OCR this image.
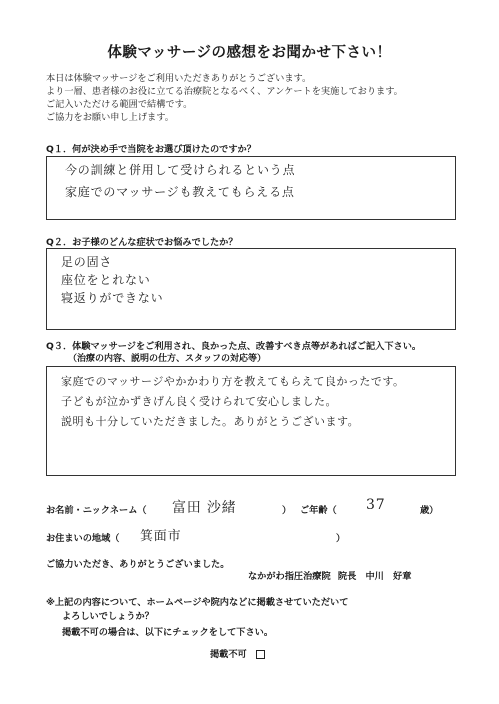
体験マッサージの感想をお聞かせ下さい！
本日は体験マッサージをご利用いただきありがとうございます。
より一層、患者様のお役に立てる治療院となるべく、アンケートを実施しております。
ご記入いただける範囲で結構です。
ご協力をお願い申し上げます。
Q１．何が決め手で当院をお選び頂けたのですか？
今の訓練と併用して受けられるという点
家庭でのマッサージも教えてもらえる点
Q２．お子様のどんな症状でお悩みでしたか？
足の固さ
座位をとれない
寝返りができない
Q３．体験マッサージをご利用され、良かった点、改善すべき点等があればご記入下さい。
（治療の内容、説明の仕方、スタッフの対応等）
家庭でのマッサージやかかわり方を教えてもらえて良かったです。
子どもが泣かずきげん良く受けられて安心しました。
説明も十分していただきました。ありがとうございます。
お名前・ニックネーム（ 富田 沙緒	） ご年齢（ 37	歳）
お住まいの地域（ 箕面市	）
ご協力いただき、ありがとうございました。
なかがわ指圧治療院 院長 中川　好章
※上記の内容について、ホームページや院内などに掲載させていただいて
よろしいでしょうか？
掲載不可の場合は、以下にチェックをして下さい。
掲載不可
